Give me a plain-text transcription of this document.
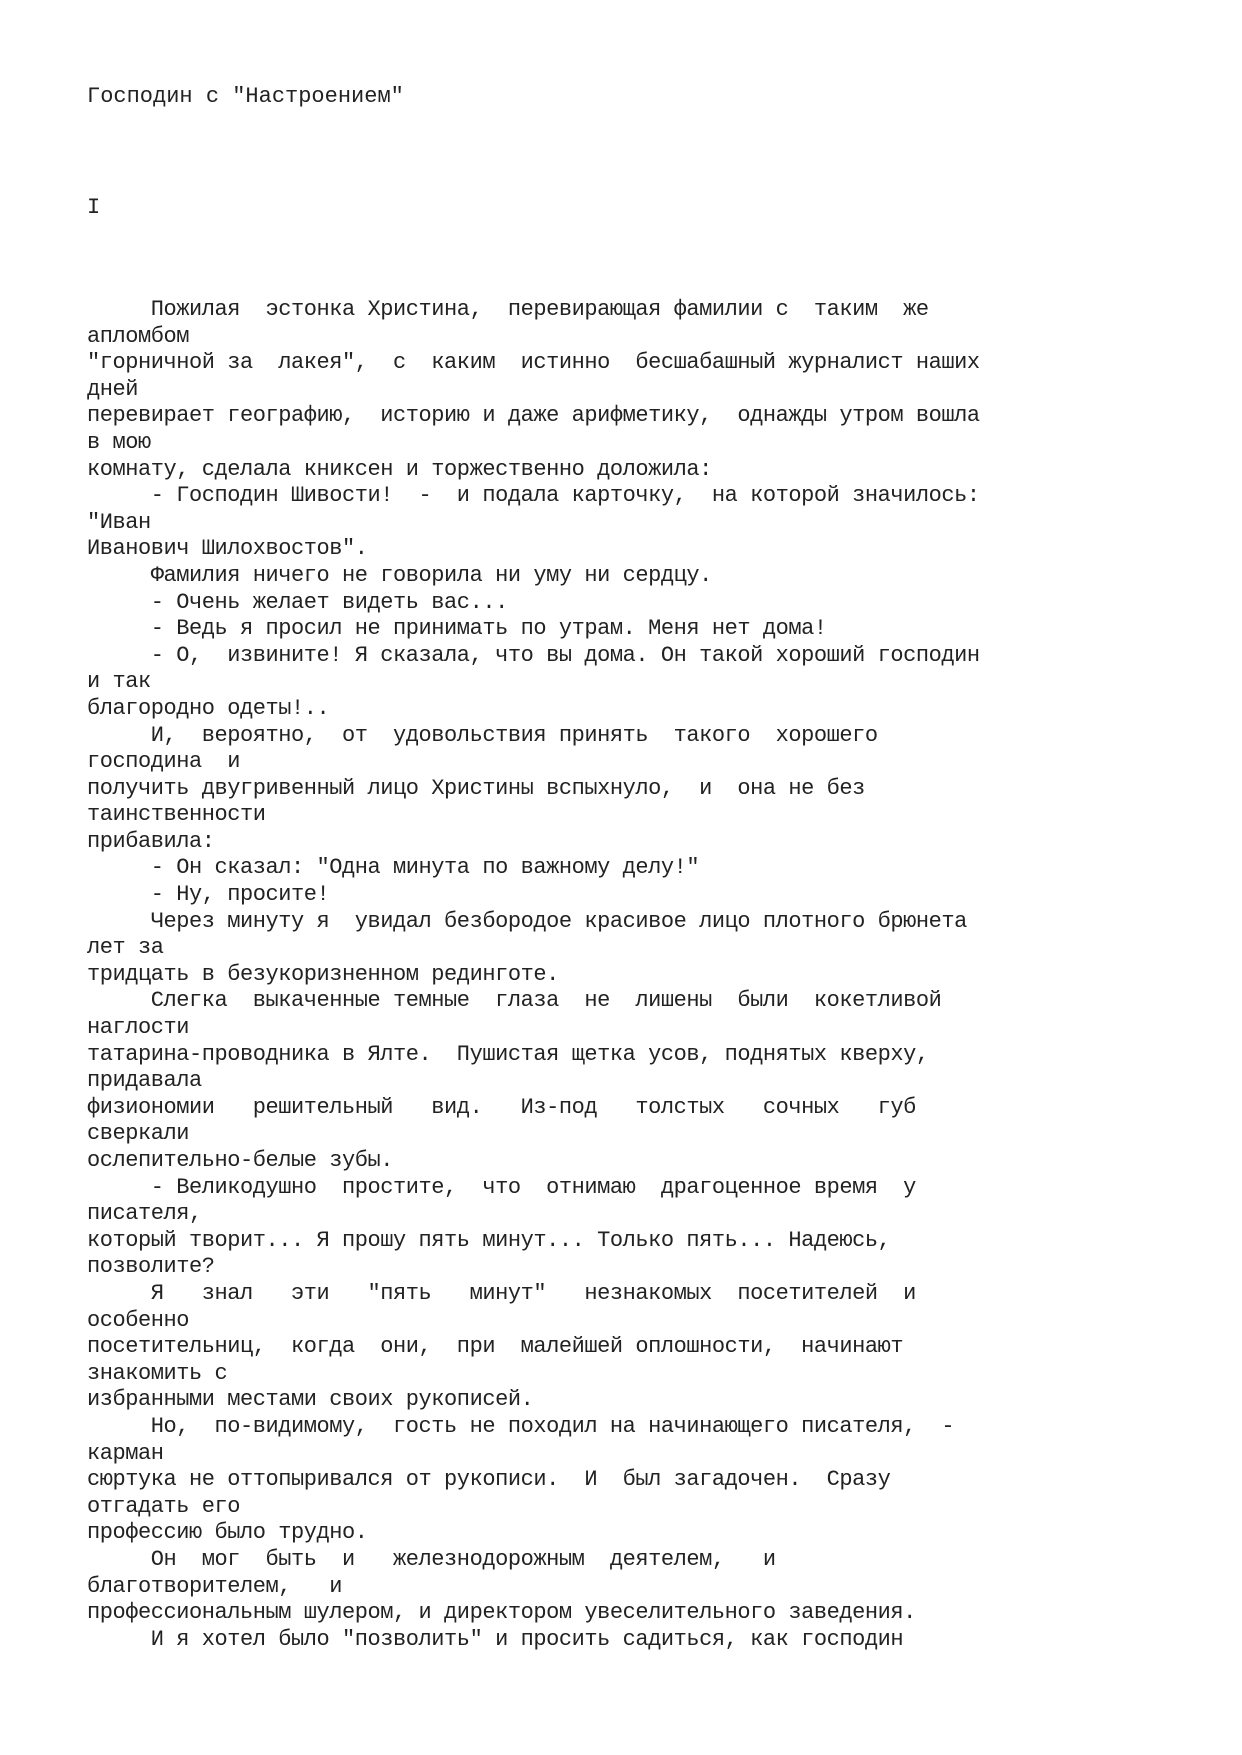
Господин с "Настроением"
I
Пожилая  эстонка Христина,  перевирающая фамилии с  таким  же
апломбом
"горничной за  лакея",  с  каким  истинно  бесшабашный журналист наших
дней
перевирает географию,  историю и даже арифметику,  однажды утром вошла
в мою
комнату, сделала книксен и торжественно доложила:
- Господин Шивости!  -  и подала карточку,  на которой значилось:
"Иван
Иванович Шилохвостов".
Фамилия ничего не говорила ни уму ни сердцу.
- Очень желает видеть вас...
- Ведь я просил не принимать по утрам. Меня нет дома!
- О,  извините! Я сказала, что вы дома. Он такой хороший господин
и так
благородно одеты!..
И,  вероятно,  от  удовольствия принять  такого  хорошего
господина  и
получить двугривенный лицо Христины вспыхнуло,  и  она не без
таинственности
прибавила:
- Он сказал: "Одна минута по важному делу!"
- Ну, просите!
Через минуту я  увидал безбородое красивое лицо плотного брюнета
лет за
тридцать в безукоризненном рединготе.
Слегка  выкаченные темные  глаза  не  лишены  были  кокетливой
наглости
татарина-проводника в Ялте.  Пушистая щетка усов, поднятых кверху,
придавала
физиономии   решительный   вид.   Из-под   толстых   сочных   губ
сверкали
ослепительно-белые зубы.
- Великодушно  простите,  что  отнимаю  драгоценное время  у
писателя,
который творит... Я прошу пять минут... Только пять... Надеюсь,
позволите?
Я   знал   эти   "пять   минут"   незнакомых  посетителей  и
особенно
посетительниц,  когда  они,  при  малейшей оплошности,  начинают
знакомить с
избранными местами своих рукописей.
Но,  по-видимому,  гость не походил на начинающего писателя,  -
карман
сюртука не оттопыривался от рукописи.  И  был загадочен.  Сразу
отгадать его
профессию было трудно.
Он  мог  быть  и   железнодорожным  деятелем,   и
благотворителем,   и
профессиональным шулером, и директором увеселительного заведения.
И я хотел было "позволить" и просить садиться, как господин
